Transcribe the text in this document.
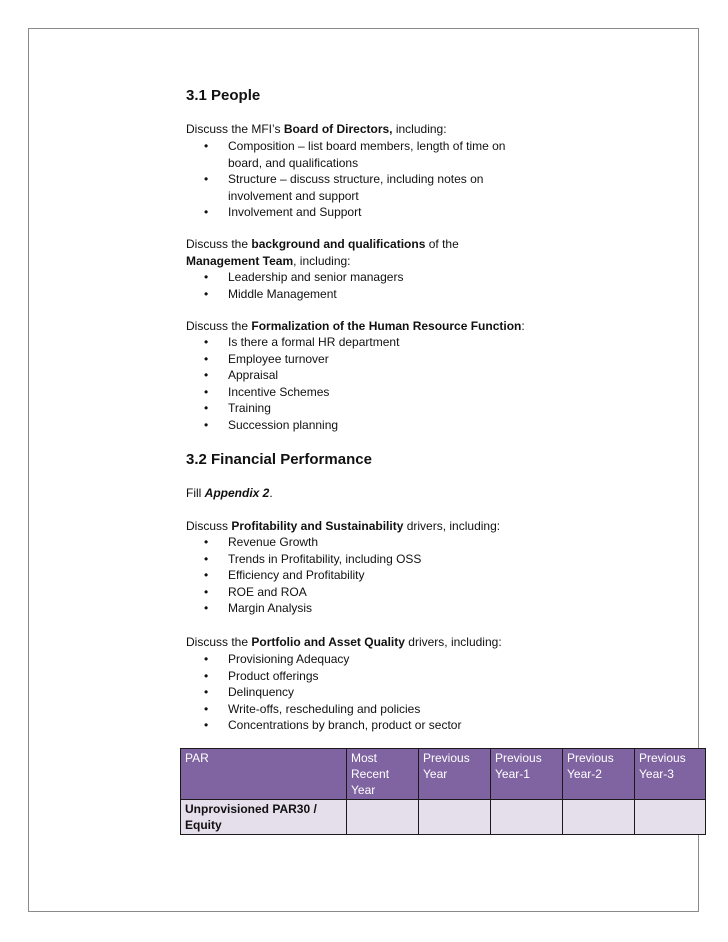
3.1 People
Discuss the MFI’s Board of Directors, including:
• Composition – list board members, length of time on board, and qualifications
• Structure – discuss structure, including notes on involvement and support
• Involvement and Support
Discuss the background and qualifications of the Management Team, including:
• Leadership and senior managers
• Middle Management
Discuss the Formalization of the Human Resource Function:
• Is there a formal HR department
• Employee turnover
• Appraisal
• Incentive Schemes
• Training
• Succession planning
3.2 Financial Performance
Fill Appendix 2.
Discuss Profitability and Sustainability drivers, including:
• Revenue Growth
• Trends in Profitability, including OSS
• Efficiency and Profitability
• ROE and ROA
• Margin Analysis
Discuss the Portfolio and Asset Quality drivers, including:
• Provisioning Adequacy
• Product offerings
• Delinquency
• Write-offs, rescheduling and policies
• Concentrations by branch, product or sector
PAR	Most Recent Year	Previous Year	Previous Year-1	Previous Year-2	Previous Year-3
Unprovisioned PAR30 / Equity					
